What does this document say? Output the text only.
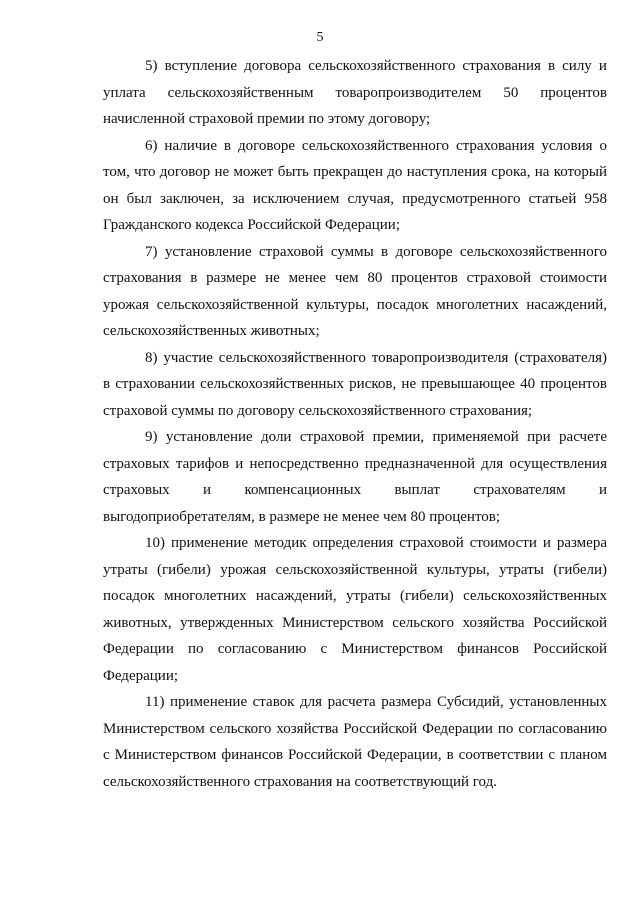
5
5) вступление договора сельскохозяйственного страхования в силу и
уплата сельскохозяйственным товаропроизводителем 50 процентов
начисленной страховой премии по этому договору;

6) наличие в договоре сельскохозяйственного страхования условия о том, что договор не может быть прекращен до наступления срока, на который он был заключен, за исключением случая, предусмотренного статьей 958 Гражданского кодекса Российской Федерации;

7) установление страховой суммы в договоре сельскохозяйственного страхования в размере не менее чем 80 процентов страховой стоимости урожая сельскохозяйственной культуры, посадок многолетних насаждений, сельскохозяйственных животных;

8) участие сельскохозяйственного товаропроизводителя (страхователя) в страховании сельскохозяйственных рисков, не превышающее 40 процентов страховой суммы по договору сельскохозяйственного страхования;

9) установление доли страховой премии, применяемой при расчете
страховых тарифов и непосредственно предназначенной для осуществления
страховых и компенсационных выплат страхователям и
выгодоприобретателям, в размере не менее чем 80 процентов;

10) применение методик определения страховой стоимости и размера утраты (гибели) урожая сельскохозяйственной культуры, утраты (гибели) посадок многолетних насаждений, утраты (гибели) сельскохозяйственных животных, утвержденных Министерством сельского хозяйства Российской Федерации по согласованию с Министерством финансов Российской Федерации;

11) применение ставок для расчета размера Субсидий, установленных Министерством сельского хозяйства Российской Федерации по согласованию с Министерством финансов Российской Федерации, в соответствии с планом сельскохозяйственного страхования на соответствующий год.
